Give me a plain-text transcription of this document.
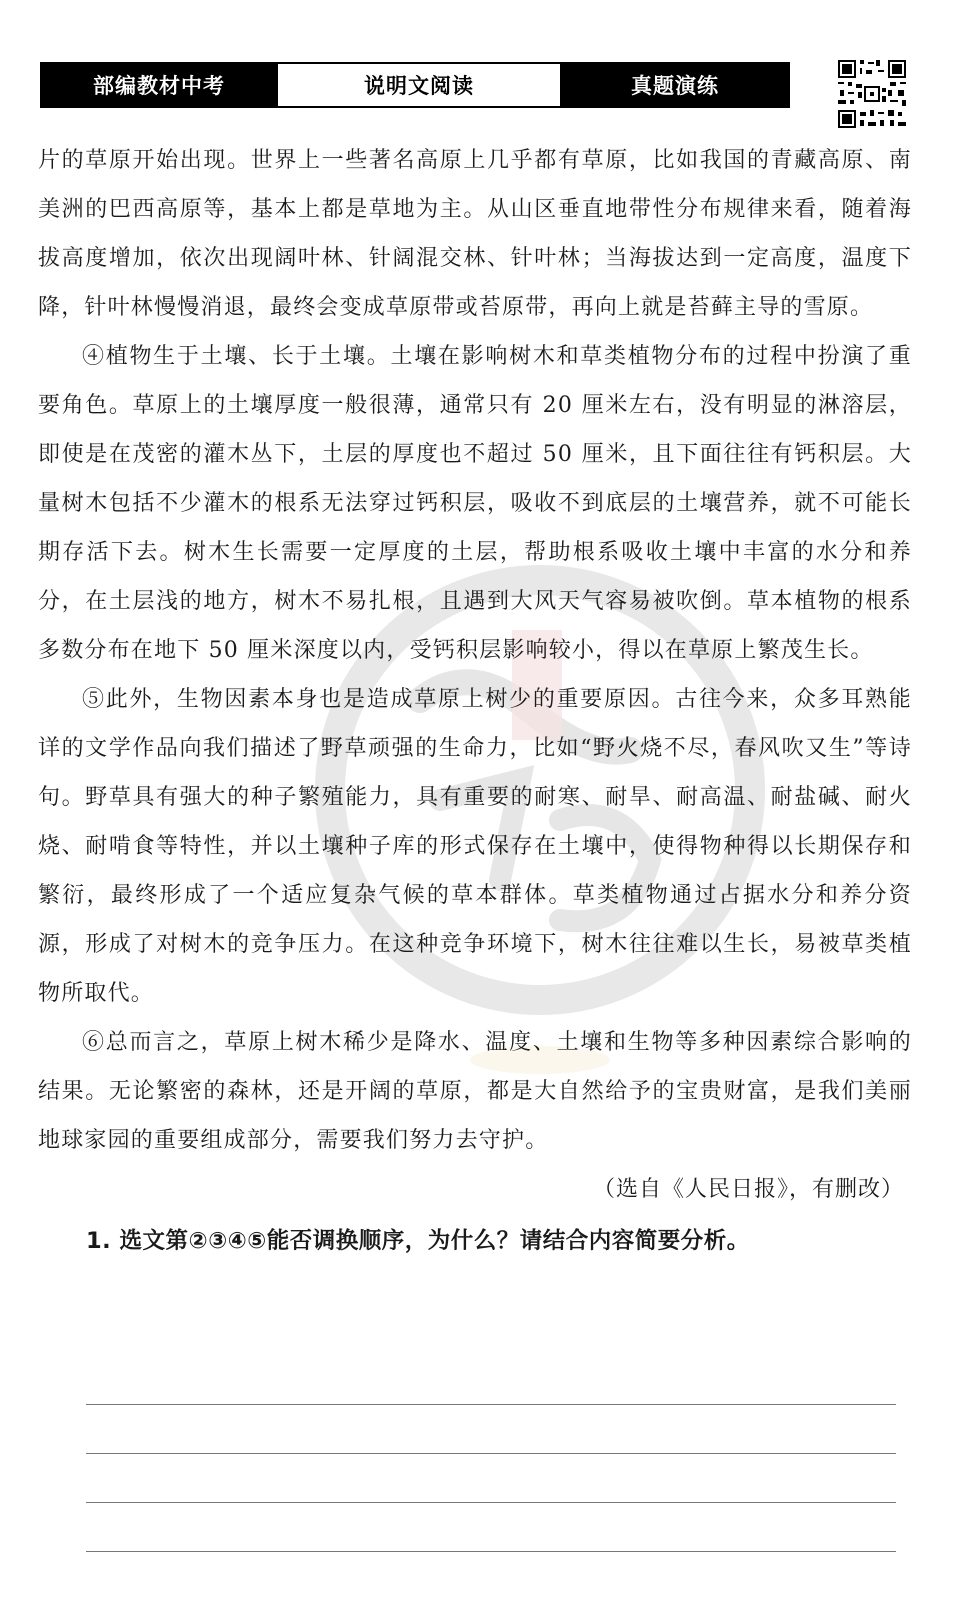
部编教材中考	说明文阅读	真题演练

片的草原开始出现。世界上一些著名高原上几乎都有草原，比如我国的青藏高原、南美洲的巴西高原等，基本上都是草地为主。从山区垂直地带性分布规律来看，随着海拔高度增加，依次出现阔叶林、针阔混交林、针叶林；当海拔达到一定高度，温度下降，针叶林慢慢消退，最终会变成草原带或苔原带，再向上就是苔藓主导的雪原。

④植物生于土壤、长于土壤。土壤在影响树木和草类植物分布的过程中扮演了重要角色。草原上的土壤厚度一般很薄，通常只有 20 厘米左右，没有明显的淋溶层，即使是在茂密的灌木丛下，土层的厚度也不超过 50 厘米，且下面往往有钙积层。大量树木包括不少灌木的根系无法穿过钙积层，吸收不到底层的土壤营养，就不可能长期存活下去。树木生长需要一定厚度的土层，帮助根系吸收土壤中丰富的水分和养分，在土层浅的地方，树木不易扎根，且遇到大风天气容易被吹倒。草本植物的根系多数分布在地下 50 厘米深度以内，受钙积层影响较小，得以在草原上繁茂生长。

⑤此外，生物因素本身也是造成草原上树少的重要原因。古往今来，众多耳熟能详的文学作品向我们描述了野草顽强的生命力，比如“野火烧不尽，春风吹又生”等诗句。野草具有强大的种子繁殖能力，具有重要的耐寒、耐旱、耐高温、耐盐碱、耐火烧、耐啃食等特性，并以土壤种子库的形式保存在土壤中，使得物种得以长期保存和繁衍，最终形成了一个适应复杂气候的草本群体。草类植物通过占据水分和养分资源，形成了对树木的竞争压力。在这种竞争环境下，树木往往难以生长，易被草类植物所取代。

⑥总而言之，草原上树木稀少是降水、温度、土壤和生物等多种因素综合影响的结果。无论繁密的森林，还是开阔的草原，都是大自然给予的宝贵财富，是我们美丽地球家园的重要组成部分，需要我们努力去守护。

（选自《人民日报》，有删改）

1. 选文第②③④⑤能否调换顺序，为什么？请结合内容简要分析。
